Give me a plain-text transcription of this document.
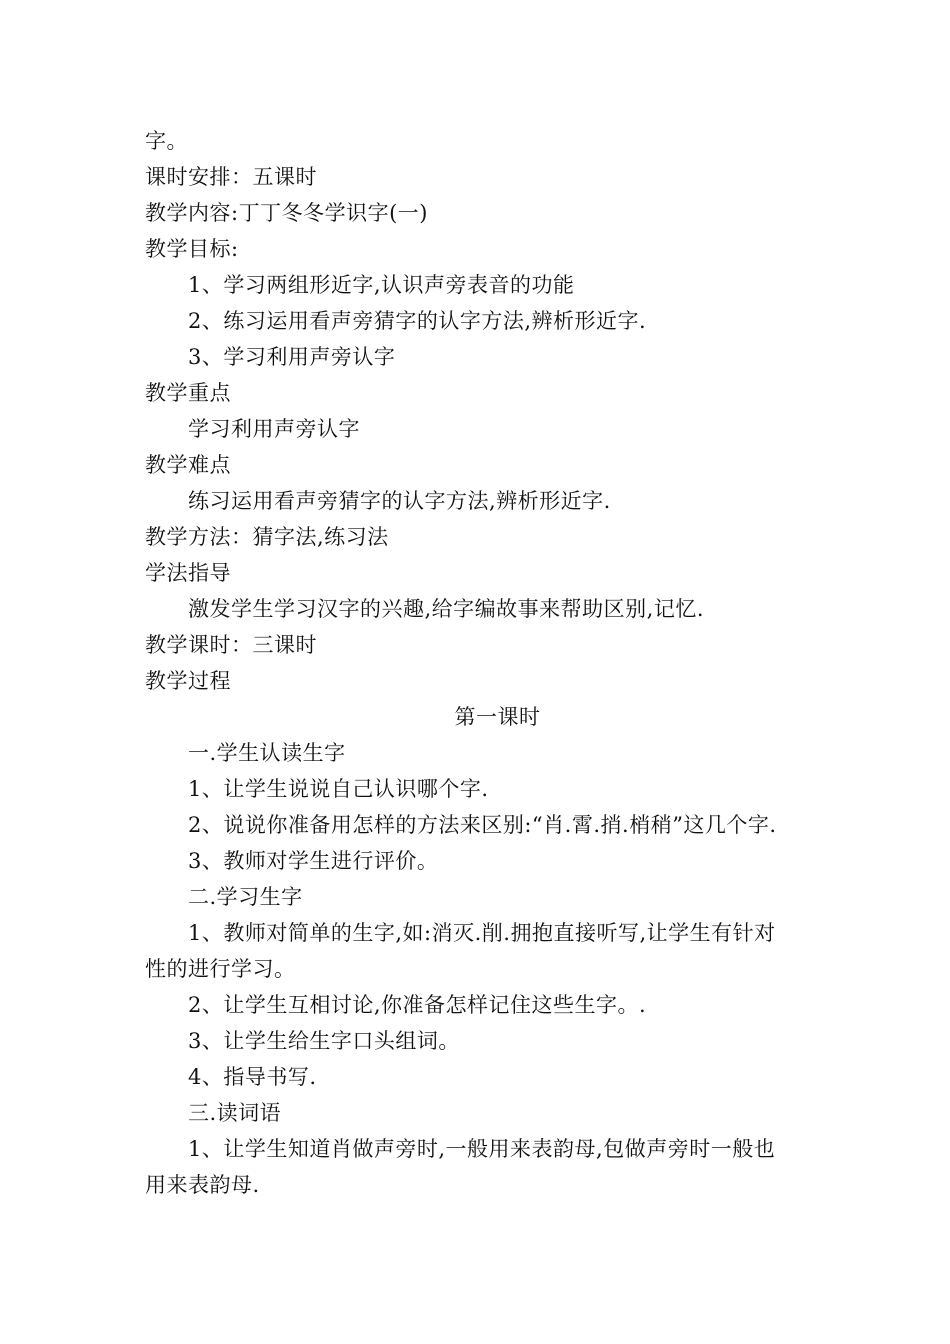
字。
课时安排：五课时
教学内容:丁丁冬冬学识字(一)
教学目标:
1、学习两组形近字,认识声旁表音的功能
2、练习运用看声旁猜字的认字方法,辨析形近字.
3、学习利用声旁认字
教学重点
学习利用声旁认字
教学难点
练习运用看声旁猜字的认字方法,辨析形近字.
教学方法：猜字法,练习法
学法指导
激发学生学习汉字的兴趣,给字编故事来帮助区别,记忆.
教学课时：三课时
教学过程
第一课时
一.学生认读生字
1、让学生说说自己认识哪个字.
2、说说你准备用怎样的方法来区别:“肖.霄.捎.梢稍”这几个字.
3、教师对学生进行评价。
二.学习生字
1、教师对简单的生字,如:消灭.削.拥抱直接听写,让学生有针对
性的进行学习。
2、让学生互相讨论,你准备怎样记住这些生字。.
3、让学生给生字口头组词。
4、指导书写.
三.读词语
1、让学生知道肖做声旁时,一般用来表韵母,包做声旁时一般也
用来表韵母.
